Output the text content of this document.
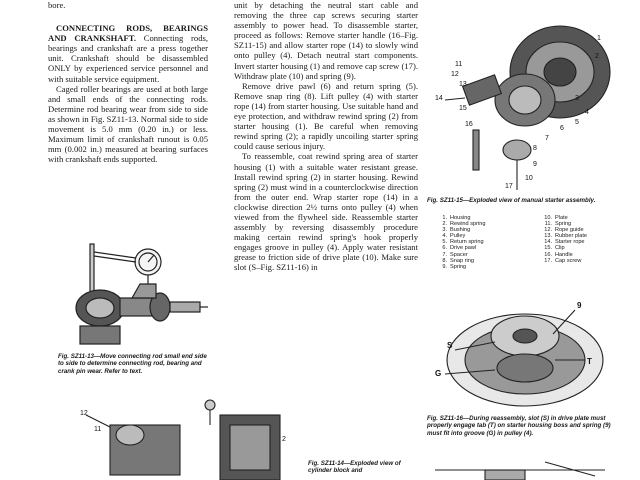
bore.

CONNECTING RODS, BEARINGS AND CRANKSHAFT. Connecting rods, bearings and crankshaft are a press together unit. Crankshaft should be disassembled ONLY by experienced service personnel and with suitable service equipment.

Caged roller bearings are used at both large and small ends of the connecting rods. Determine rod bearing wear from side to side as shown in Fig. SZ11-13. Normal side to side movement is 5.0 mm (0.20 in.) or less. Maximum limit of crankshaft runout is 0.05 mm (0.002 in.) measured at bearing surfaces with crankshaft ends supported.

unit by detaching the neutral start cable and removing the three cap screws securing starter assembly to power head. To disassemble starter, proceed as follows: Remove starter handle (16–Fig. SZ11-15) and allow starter rope (14) to slowly wind onto pulley (4). Detach neutral start components. Invert starter housing (1) and remove cap screw (17). Withdraw plate (10) and spring (9).

Remove drive pawl (6) and return spring (5). Remove snap ring (8). Lift pulley (4) with starter rope (14) from starter housing. Use suitable hand and eye protection, and withdraw rewind spring (2) from starter housing (1). Be careful when removing rewind spring (2); a rapidly uncoiling starter spring could cause serious injury.

To reassemble, coat rewind spring area of starter housing (1) with a suitable water resistant grease. Install rewind spring (2) in starter housing. Rewind spring (2) must wind in a counterclockwise direction from the outer end. Wrap starter rope (14) in a clockwise direction 2½ turns onto pulley (4) when viewed from the flywheel side. Reassemble starter assembly by reversing disassembly procedure making certain rewind spring's hook properly engages groove in pulley (4). Apply water resistant grease to friction side of drive plate (10). Make sure slot (S–Fig. SZ11-16) in

Fig. SZ11-13—Move connecting rod small end side to side to determine connecting rod, bearing and crank pin wear. Refer to text.
1
2
3
4
5
6
7
8
9
10
11
12
13
14
15
16
17
Fig. SZ11-15—Exploded view of manual starter assembly.
1. Housing
2. Rewind spring
3. Bushing
4. Pulley
5. Return spring
6. Drive pawl
7. Spacer
8. Snap ring
9. Spring
10. Plate
11. Spring
12. Rope guide
13. Rubber plate
14. Starter rope
15. Clip
16. Handle
17. Cap screw
S
9
G
T
Fig. SZ11-16—During reassembly, slot (S) in drive plate must properly engage tab (T) on starter housing boss and spring (9) must fit into groove (G) in pulley (4).
12
11
2
Fig. SZ11-14—Exploded view of cylinder block and
